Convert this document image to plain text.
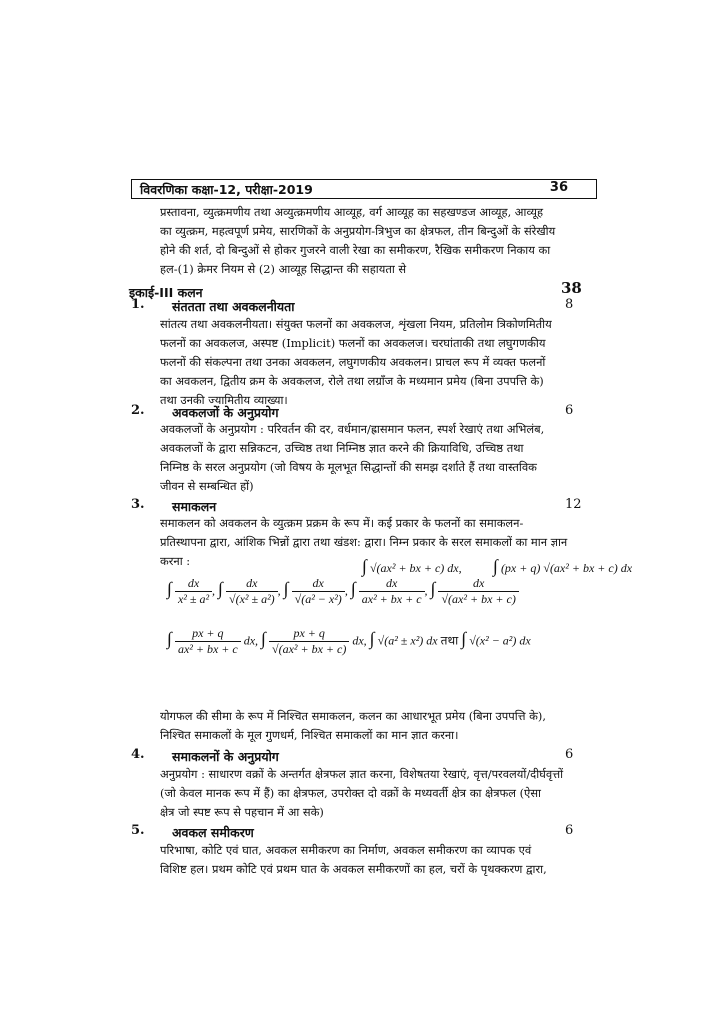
विवरणिका कक्षा-12, परीक्षा-2019	36
प्रस्तावना, व्युत्क्रमणीय तथा अव्युत्क्रमणीय आव्यूह, वर्ग आव्यूह का सहखण्डज आव्यूह, आव्यूह
का व्युत्क्रम, महत्वपूर्ण प्रमेय, सारणिकों के अनुप्रयोग-त्रिभुज का क्षेत्रफल, तीन बिन्दुओं के संरेखीय
होने की शर्त, दो बिन्दुओं से होकर गुजरने वाली रेखा का समीकरण, रैखिक समीकरण निकाय का
हल-(1) क्रेमर नियम से (2) आव्यूह सिद्धान्त की सहायता से
इकाई-III कलन	38
1. संततता तथा अवकलनीयता	8
सांतत्य तथा अवकलनीयता। संयुक्त फलनों का अवकलज, शृंखला नियम, प्रतिलोम त्रिकोणमितीय
फलनों का अवकलज, अस्पष्ट (Implicit) फलनों का अवकलज। चरघांताकी तथा लघुगणकीय
फलनों की संकल्पना तथा उनका अवकलन, लघुगणकीय अवकलन। प्राचल रूप में व्यक्त फलनों
का अवकलन, द्वितीय क्रम के अवकलज, रोले तथा लग्राँज के मध्यमान प्रमेय (बिना उपपत्ति के)
तथा उनकी ज्यामितीय व्याख्या।
2. अवकलजों के अनुप्रयोग	6
अवकलजों के अनुप्रयोग : परिवर्तन की दर, वर्धमान/ह्रासमान फलन, स्पर्श रेखाएं तथा अभिलंब,
अवकलजों के द्वारा सन्निकटन, उच्चिष्ठ तथा निम्निष्ठ ज्ञात करने की क्रियाविधि, उच्चिष्ठ तथा
निम्निष्ठ के सरल अनुप्रयोग (जो विषय के मूलभूत सिद्धान्तों की समझ दर्शाते हैं तथा वास्तविक
जीवन से सम्बन्धित हों)
3. समाकलन	12
समाकलन को अवकलन के व्युत्क्रम प्रक्रम के रूप में। कई प्रकार के फलनों का समाकलन-
प्रतिस्थापना द्वारा, आंशिक भिन्नों द्वारा तथा खंडश: द्वारा। निम्न प्रकार के सरल समाकलों का मान ज्ञान
करना :	∫ √(ax² + bx + c) dx, ∫ (px + q) √(ax² + bx + c) dx
∫ $\frac{dx}{\text{x² ± a²}}$ , ∫ $\frac{dx}{\text{√(x² ± a²)}}$ , ∫ $\frac{dx}{\text{√(a² − x²)}}$ , ∫ $\frac{dx}{\text{ax² + bx + c}}$ , ∫ $\frac{dx}{\text{√(ax² + bx + c)}}$
∫ $\frac{px + q}{\text{ax² + bx + c}}$ dx, ∫ $\frac{px + q}{\text{√(ax² + bx + c)}}$ dx, ∫ √(a² ± x²) dx तथा ∫ √(x² − a²) dx
योगफल की सीमा के रूप में निश्चित समाकलन, कलन का आधारभूत प्रमेय (बिना उपपत्ति के),
निश्चित समाकलों के मूल गुणधर्म, निश्चित समाकलों का मान ज्ञात करना।
4. समाकलनों के अनुप्रयोग	6
अनुप्रयोग : साधारण वक्रों के अन्तर्गत क्षेत्रफल ज्ञात करना, विशेषतया रेखाएं, वृत्त/परवलयों/दीर्घवृत्तों
(जो केवल मानक रूप में हैं) का क्षेत्रफल, उपरोक्त दो वक्रों के मध्यवर्ती क्षेत्र का क्षेत्रफल (ऐसा
क्षेत्र जो स्पष्ट रूप से पहचान में आ सके)
5. अवकल समीकरण	6
परिभाषा, कोटि एवं घात, अवकल समीकरण का निर्माण, अवकल समीकरण का व्यापक एवं
विशिष्ट हल। प्रथम कोटि एवं प्रथम घात के अवकल समीकरणों का हल, चरों के पृथक्करण द्वारा,
